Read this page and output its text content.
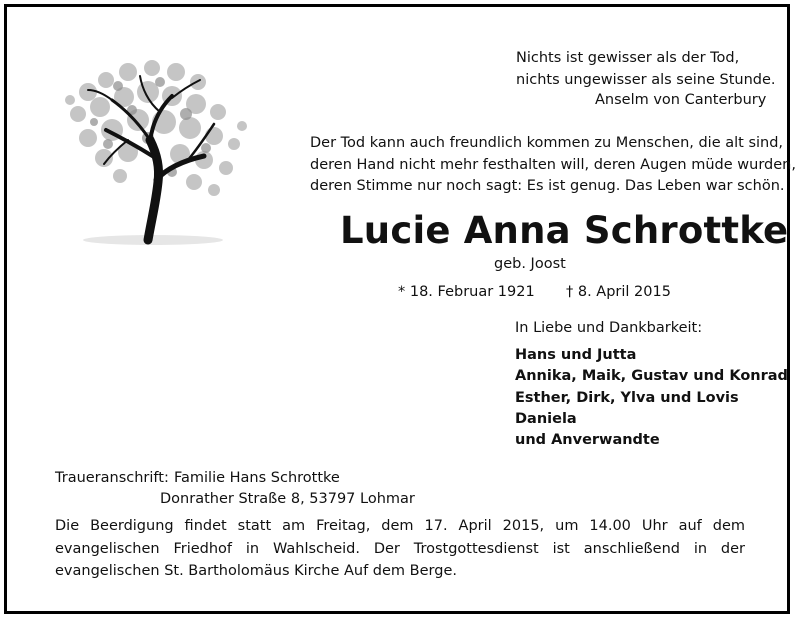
Nichts ist gewisser als der Tod,
nichts ungewisser als seine Stunde.
Anselm von Canterbury
Der Tod kann auch freundlich kommen zu Menschen, die alt sind,
deren Hand nicht mehr festhalten will, deren Augen müde wurden,
deren Stimme nur noch sagt: Es ist genug. Das Leben war schön.
Lucie Anna Schrottke
geb. Joost
* 18. Februar 1921 † 8. April 2015
In Liebe und Dankbarkeit:
Hans und Jutta
Annika, Maik, Gustav und Konrad
Esther, Dirk, Ylva und Lovis
Daniela
und Anverwandte
Traueranschrift: Familie Hans Schrottke
Donrather Straße 8, 53797 Lohmar
Die Beerdigung findet statt am Freitag, dem 17. April 2015, um 14.00 Uhr auf dem evangelischen Friedhof in Wahlscheid. Der Trostgottesdienst ist anschließend in der evangelischen St. Bartholomäus Kirche Auf dem Berge.
